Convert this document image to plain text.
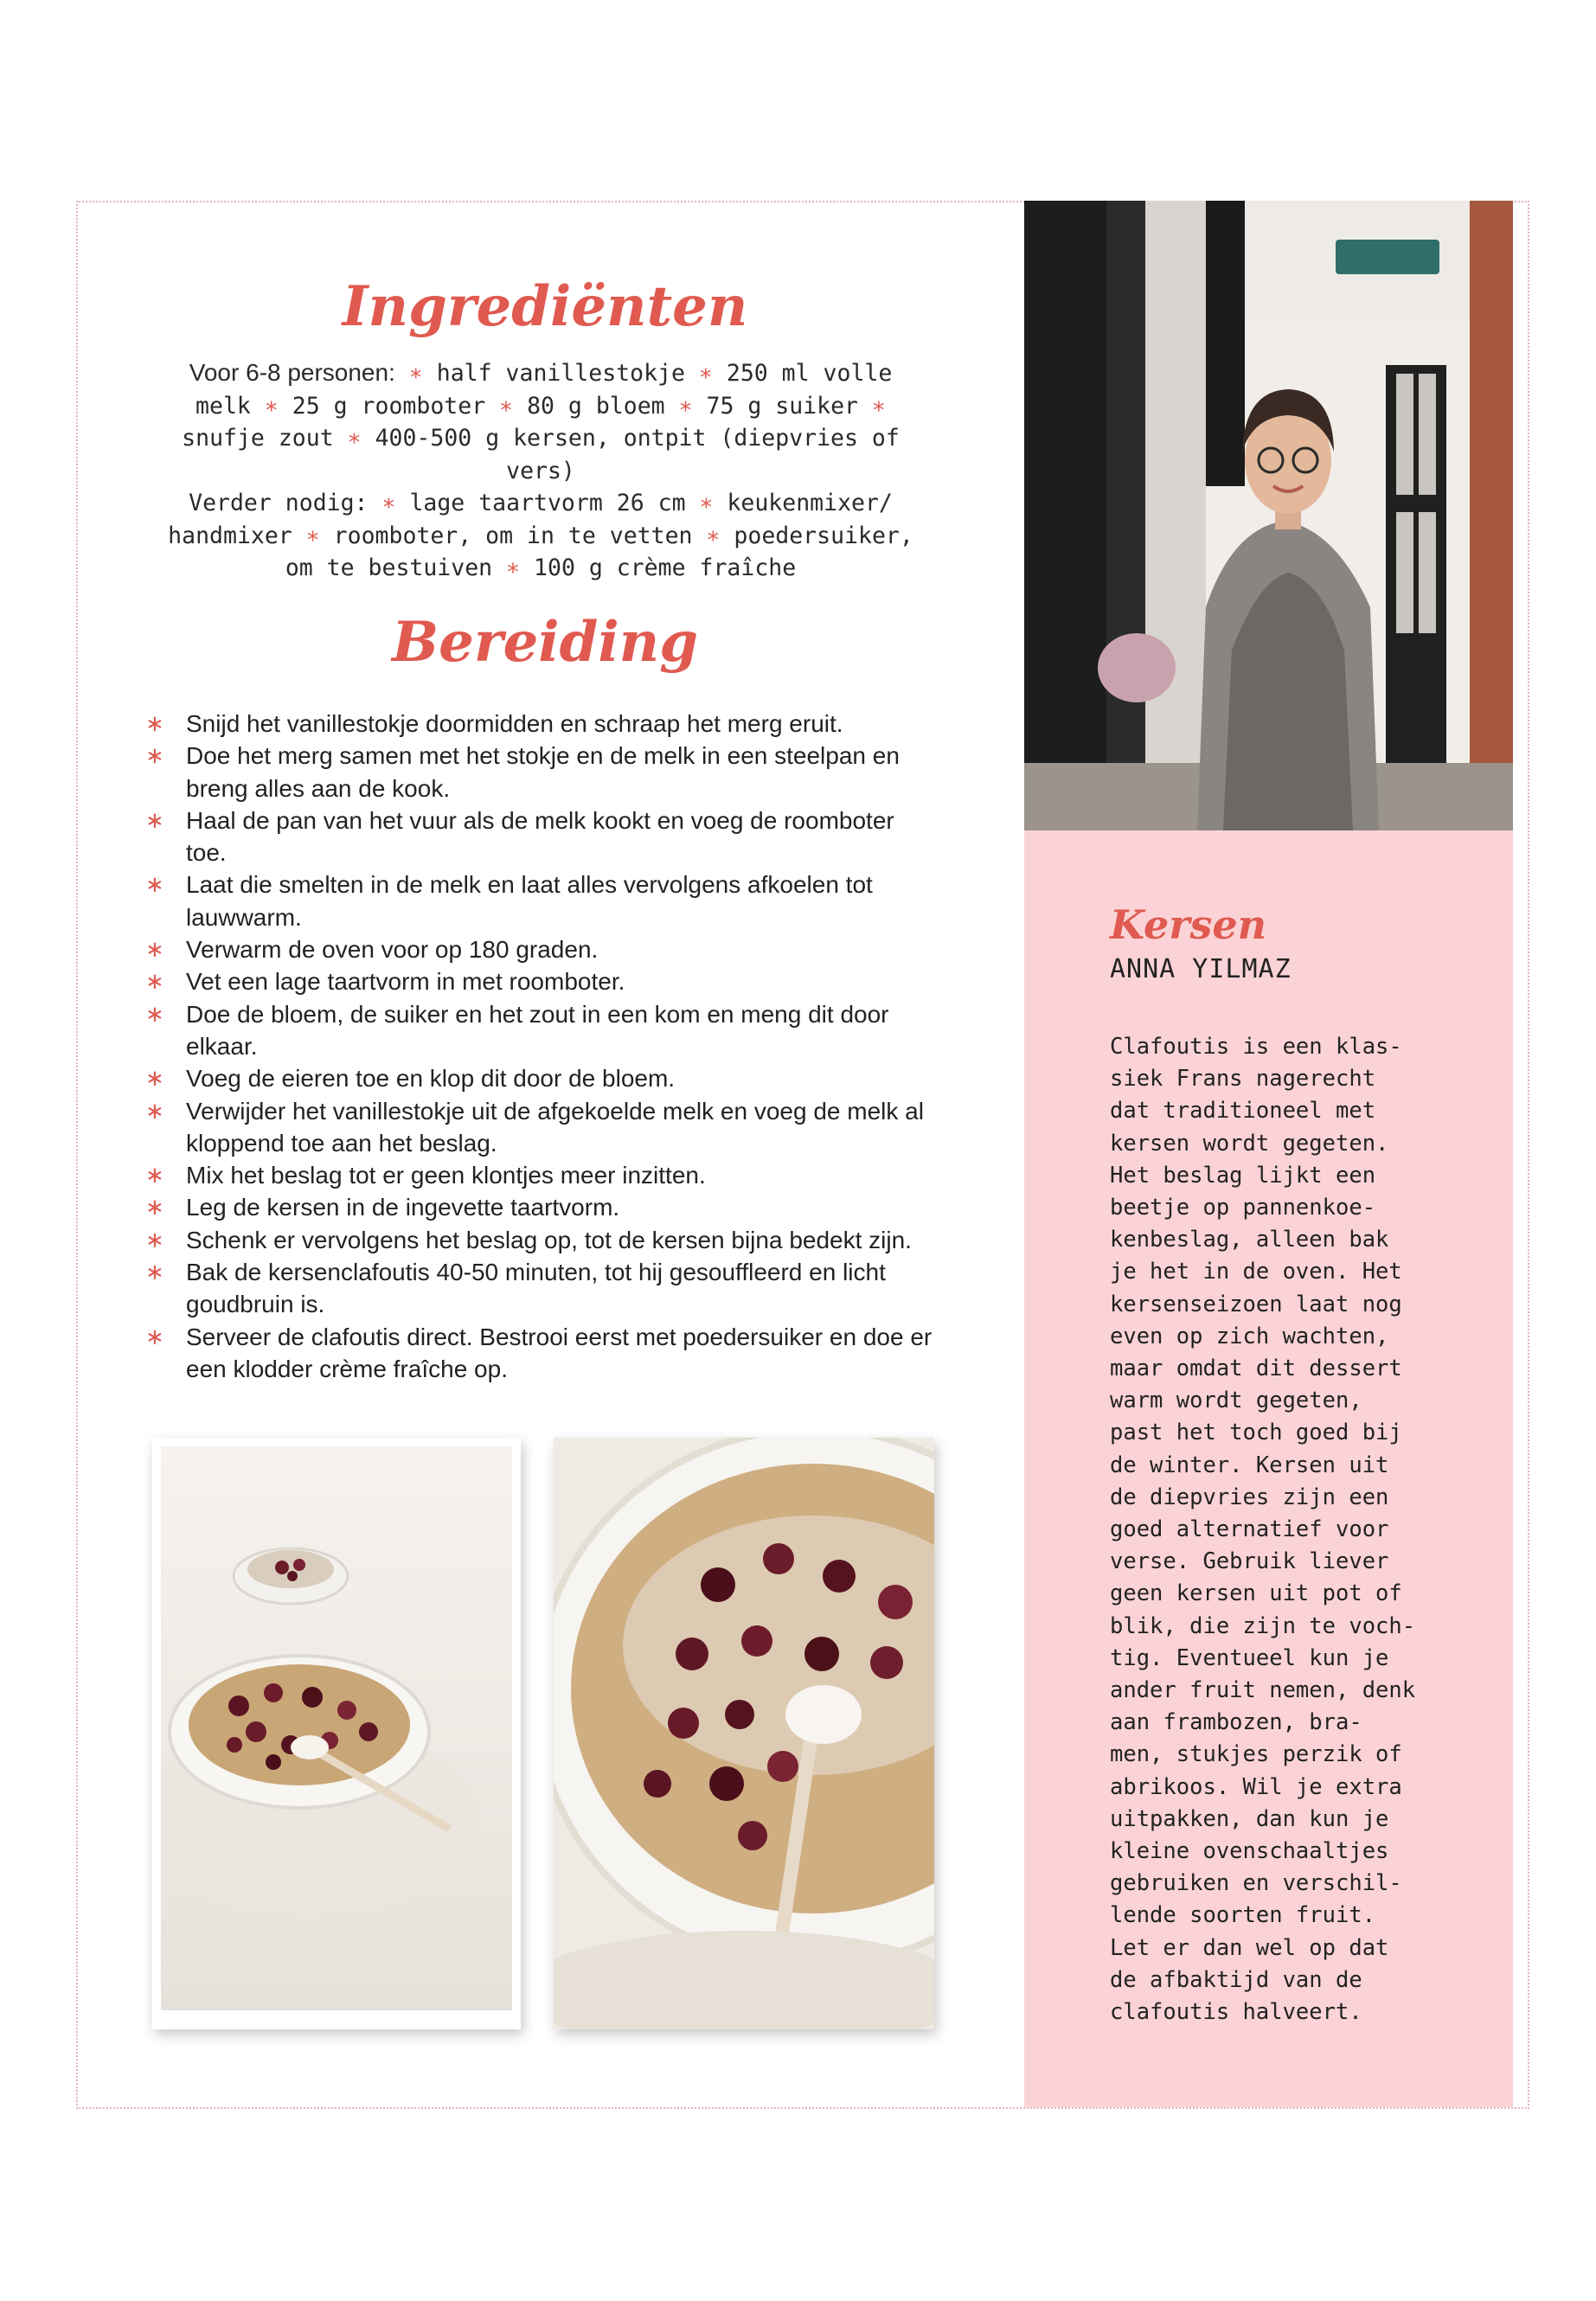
Ingrediënten

Voor 6-8 personen: ∗ half vanillestokje ∗ 250 ml volle melk ∗ 25 g roomboter ∗ 80 g bloem ∗ 75 g suiker ∗ snufje zout ∗ 400-500 g kersen, ontpit (diepvries of vers)

Verder nodig: ∗ lage taartvorm 26 cm ∗ keukenmixer/ handmixer ∗ roomboter, om in te vetten ∗ poedersuiker, om te bestuiven ∗ 100 g crème fraîche

Bereiding
∗ Snijd het vanillestokje doormidden en schraap het merg eruit.
∗ Doe het merg samen met het stokje en de melk in een steelpan en breng alles aan de kook.
∗ Haal de pan van het vuur als de melk kookt en voeg de roomboter toe.
∗ Laat die smelten in de melk en laat alles vervolgens afkoelen tot lauwwarm.
∗ Verwarm de oven voor op 180 graden.
∗ Vet een lage taartvorm in met roomboter.
∗ Doe de bloem, de suiker en het zout in een kom en meng dit door elkaar.
∗ Voeg de eieren toe en klop dit door de bloem.
∗ Verwijder het vanillestokje uit de afgekoelde melk en voeg de melk al kloppend toe aan het beslag.
∗ Mix het beslag tot er geen klontjes meer inzitten.
∗ Leg de kersen in de ingevette taartvorm.
∗ Schenk er vervolgens het beslag op, tot de kersen bijna bedekt zijn.
∗ Bak de kersenclafoutis 40-50 minuten, tot hij gesouffleerd en licht goudbruin is.
∗ Serveer de clafoutis direct. Bestrooi eerst met poedersuiker en doe er een klodder crème fraîche op.
Kersen
ANNA YILMAZ

Clafoutis is een klas-
siek Frans nagerecht
dat traditioneel met
kersen wordt gegeten.
Het beslag lijkt een
beetje op pannenkoe-
kenbeslag, alleen bak
je het in de oven. Het
kersenseizoen laat nog
even op zich wachten,
maar omdat dit dessert
warm wordt gegeten,
past het toch goed bij
de winter. Kersen uit
de diepvries zijn een
goed alternatief voor
verse. Gebruik liever
geen kersen uit pot of
blik, die zijn te voch-
tig. Eventueel kun je
ander fruit nemen, denk
aan frambozen, bra-
men, stukjes perzik of
abrikoos. Wil je extra
uitpakken, dan kun je
kleine ovenschaaltjes
gebruiken en verschil-
lende soorten fruit.
Let er dan wel op dat
de afbaktijd van de
clafoutis halveert.
